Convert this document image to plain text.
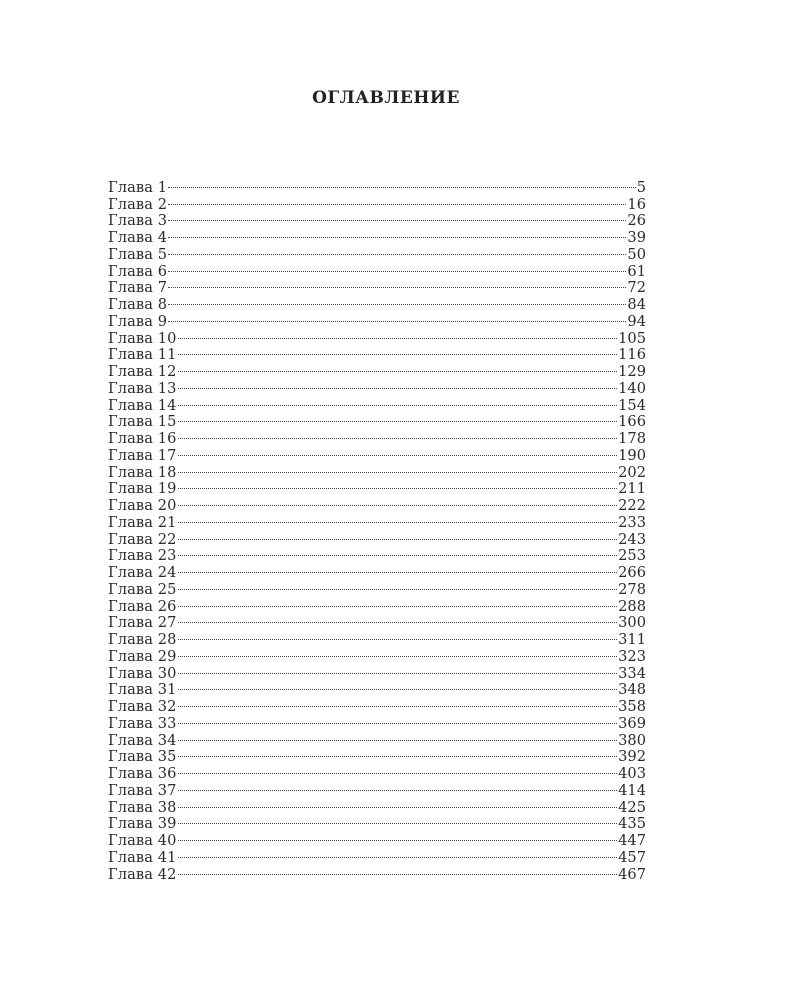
ОГЛАВЛЕНИЕ
Глава 1	5
Глава 2	16
Глава 3	26
Глава 4	39
Глава 5	50
Глава 6	61
Глава 7	72
Глава 8	84
Глава 9	94
Глава 10	105
Глава 11	116
Глава 12	129
Глава 13	140
Глава 14	154
Глава 15	166
Глава 16	178
Глава 17	190
Глава 18	202
Глава 19	211
Глава 20	222
Глава 21	233
Глава 22	243
Глава 23	253
Глава 24	266
Глава 25	278
Глава 26	288
Глава 27	300
Глава 28	311
Глава 29	323
Глава 30	334
Глава 31	348
Глава 32	358
Глава 33	369
Глава 34	380
Глава 35	392
Глава 36	403
Глава 37	414
Глава 38	425
Глава 39	435
Глава 40	447
Глава 41	457
Глава 42	467
